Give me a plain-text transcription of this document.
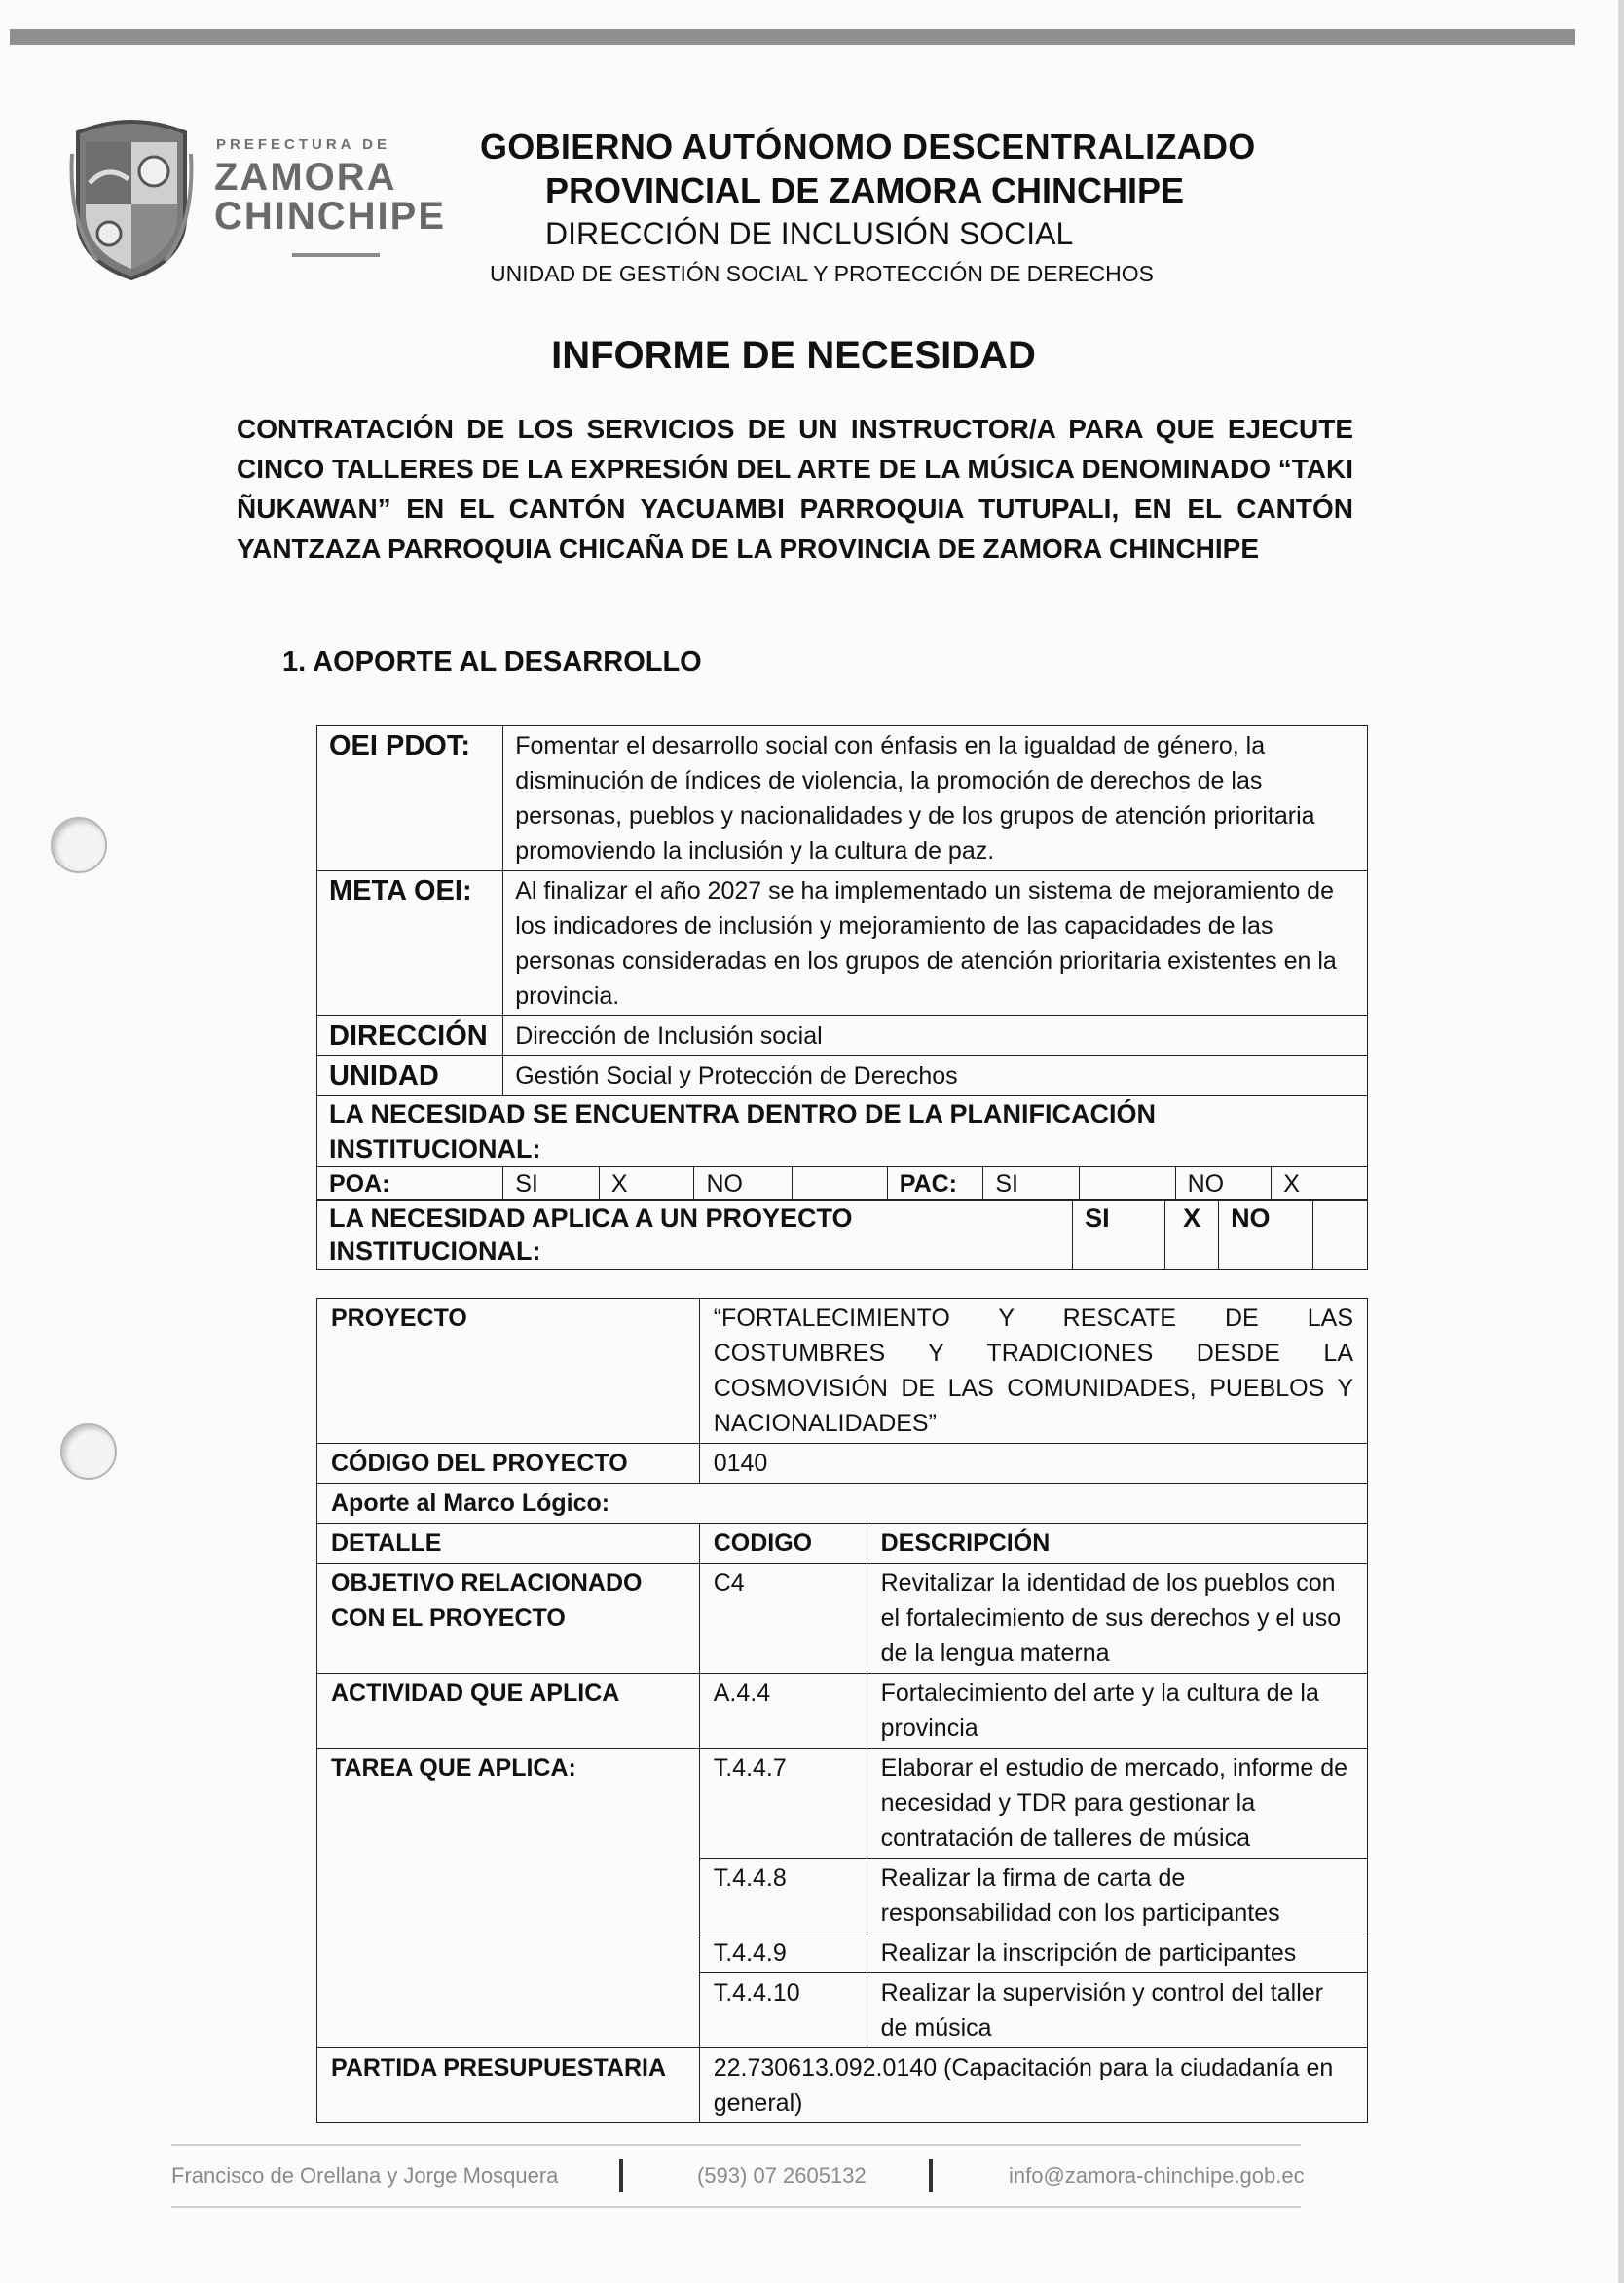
PREFECTURA DE
ZAMORA
CHINCHIPE
GOBIERNO AUTÓNOMO DESCENTRALIZADO
PROVINCIAL DE ZAMORA CHINCHIPE
DIRECCIÓN DE INCLUSIÓN SOCIAL
UNIDAD DE GESTIÓN SOCIAL Y PROTECCIÓN DE DERECHOS
INFORME DE NECESIDAD
CONTRATACIÓN DE LOS SERVICIOS DE UN INSTRUCTOR/A PARA QUE EJECUTE CINCO TALLERES DE LA EXPRESIÓN DEL ARTE DE LA MÚSICA DENOMINADO “TAKI ÑUKAWAN” EN EL CANTÓN YACUAMBI PARROQUIA TUTUPALI, EN EL CANTÓN YANTZAZA PARROQUIA CHICAÑA DE LA PROVINCIA DE ZAMORA CHINCHIPE
1. AOPORTE AL DESARROLLO
OEI PDOT:	Fomentar el desarrollo social con énfasis en la igualdad de género, la disminución de índices de violencia, la promoción de derechos de las personas, pueblos y nacionalidades y de los grupos de atención prioritaria promoviendo la inclusión y la cultura de paz.								
META OEI:	Al finalizar el año 2027 se ha implementado un sistema de mejoramiento de los indicadores de inclusión y mejoramiento de las capacidades de las personas consideradas en los grupos de atención prioritaria existentes en la provincia.								
DIRECCIÓN	Dirección de Inclusión social								
UNIDAD	Gestión Social y Protección de Derechos								
LA NECESIDAD SE ENCUENTRA DENTRO DE LA PLANIFICACIÓN INSTITUCIONAL:									
POA:	SI	X	NO		PAC:	SI		NO	X
LA NECESIDAD APLICA A UN PROYECTO INSTITUCIONAL:	SI	X	NO	
PROYECTO	“FORTALECIMIENTO Y RESCATE DE LAS COSTUMBRES Y TRADICIONES DESDE LA COSMOVISIÓN DE LAS COMUNIDADES, PUEBLOS Y NACIONALIDADES”	
CÓDIGO DEL PROYECTO	0140	
Aporte al Marco Lógico:		
DETALLE	CODIGO	DESCRIPCIÓN
OBJETIVO RELACIONADO CON EL PROYECTO	C4	Revitalizar la identidad de los pueblos con el fortalecimiento de sus derechos y el uso de la lengua materna
ACTIVIDAD QUE APLICA	A.4.4	Fortalecimiento del arte y la cultura de la provincia
TAREA QUE APLICA:	T.4.4.7	Elaborar el estudio de mercado, informe de necesidad y TDR para gestionar la contratación de talleres de música
	T.4.4.8	Realizar la firma de carta de responsabilidad con los participantes
	T.4.4.9	Realizar la inscripción de participantes
	T.4.4.10	Realizar la supervisión y control del taller de música
PARTIDA PRESUPUESTARIA	22.730613.092.0140 (Capacitación para la ciudadanía en general)	
Francisco de Orellana y Jorge Mosquera	(593) 07 2605132	info@zamora-chinchipe.gob.ec
